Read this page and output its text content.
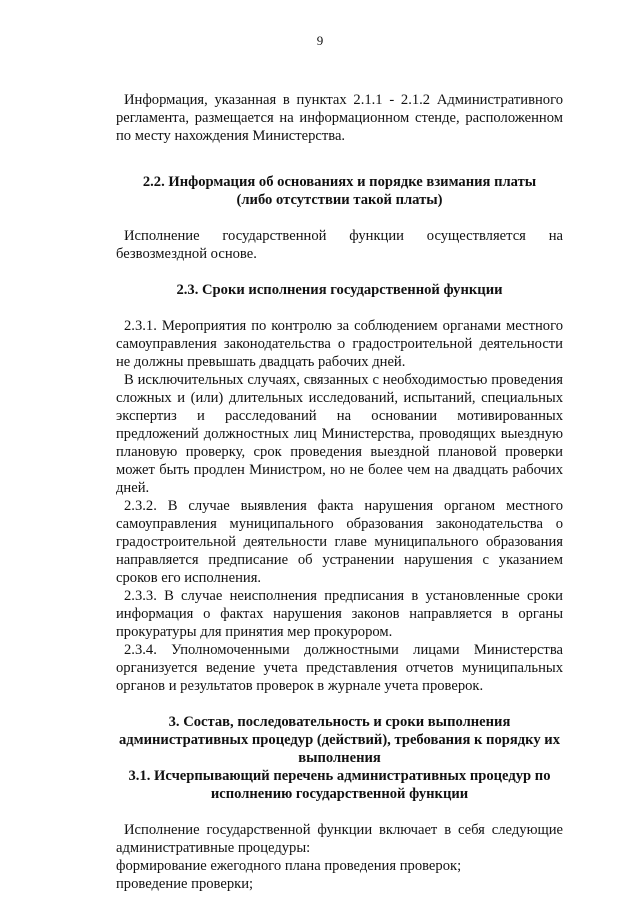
9

Информация, указанная в пунктах 2.1.1 - 2.1.2 Административного регламента, размещается на информационном стенде, расположенном по месту нахождения Министерства.

2.2. Информация об основаниях и порядке взимания платы

(либо отсутствии такой платы)

Исполнение государственной функции осуществляется на безвозмездной основе.

2.3. Сроки исполнения государственной функции

2.3.1. Мероприятия по контролю за соблюдением органами местного самоуправления законодательства о градостроительной деятельности не должны превышать двадцать рабочих дней.

В исключительных случаях, связанных с необходимостью проведения сложных и (или) длительных исследований, испытаний, специальных экспертиз и расследований на основании мотивированных предложений должностных лиц Министерства, проводящих выездную плановую проверку, срок проведения выездной плановой проверки может быть продлен Министром, но не более чем на двадцать рабочих дней.

2.3.2. В случае выявления факта нарушения органом местного самоуправления муниципального образования законодательства о градостроительной деятельности главе муниципального образования направляется предписание об устранении нарушения с указанием сроков его исполнения.

2.3.3. В случае неисполнения предписания в установленные сроки информация о фактах нарушения законов направляется в органы прокуратуры для принятия мер прокурором.

2.3.4. Уполномоченными должностными лицами Министерства организуется ведение учета представления отчетов муниципальных органов и результатов проверок в журнале учета проверок.

3. Состав, последовательность и сроки выполнения

административных процедур (действий), требования к порядку их

выполнения

3.1. Исчерпывающий перечень административных процедур по

исполнению государственной функции

Исполнение государственной функции включает в себя следующие административные процедуры:

формирование ежегодного плана проведения проверок;

проведение проверки;
